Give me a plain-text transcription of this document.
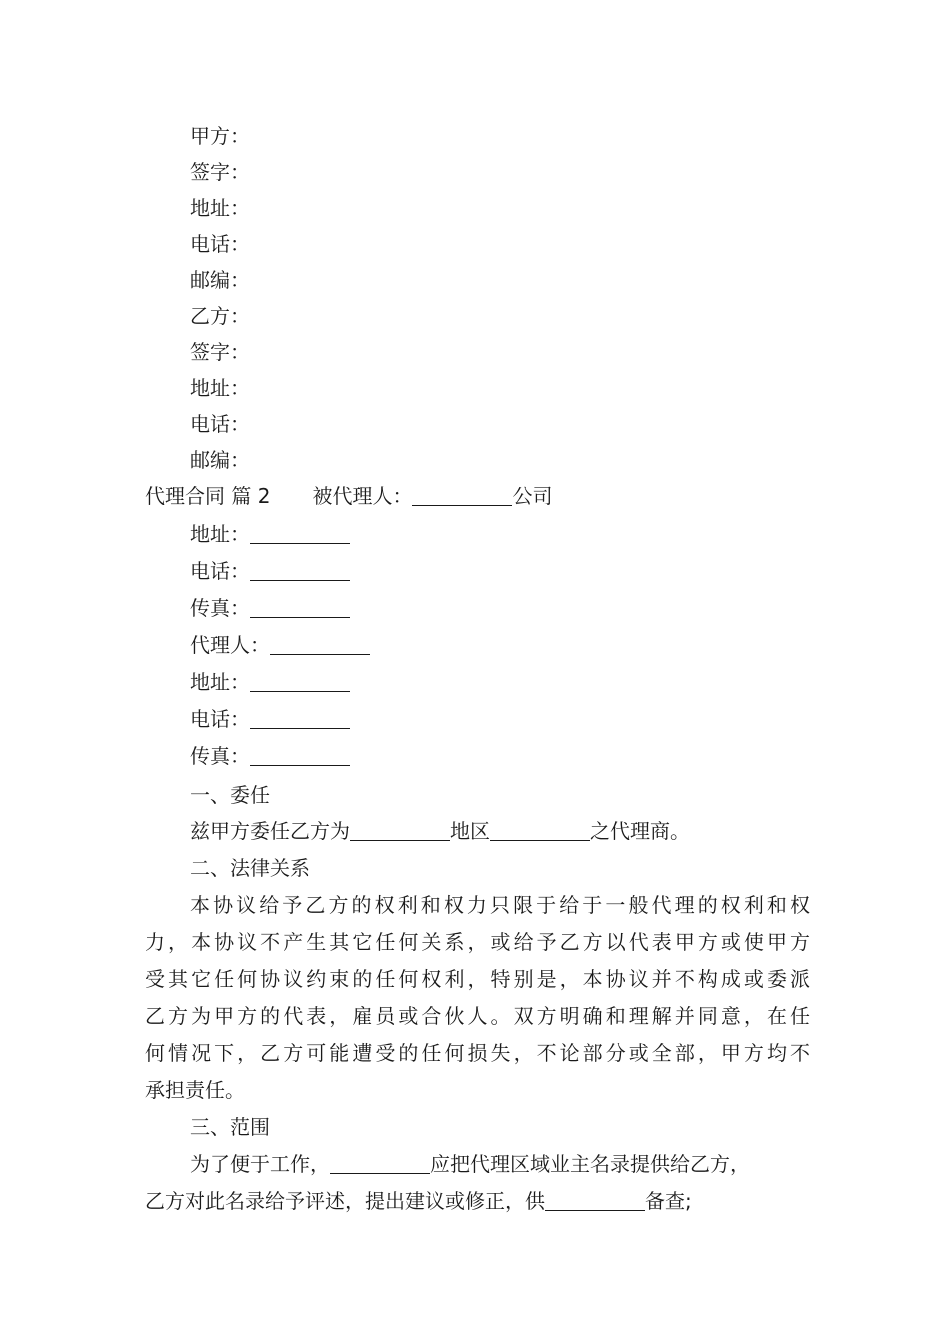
甲方：
签字：
地址：
电话：
邮编：
乙方：
签字：
地址：
电话：
邮编：
代理合同 篇 2 被代理人：	公司
地址：
电话：
传真：
代理人：
地址：
电话：
传真：
一、委任
兹甲方委任乙方为	地区	之代理商。
二、法律关系
本协议给予乙方的权利和权力只限于给于一般代理的权利和权
力，本协议不产生其它任何关系，或给予乙方以代表甲方或使甲方
受其它任何协议约束的任何权利，特别是，本协议并不构成或委派
乙方为甲方的代表，雇员或合伙人。双方明确和理解并同意，在任
何情况下，乙方可能遭受的任何损失，不论部分或全部，甲方均不
承担责任。
三、范围
为了便于工作，	应把代理区域业主名录提供给乙方，
乙方对此名录给予评述，提出建议或修正，供	备查;
